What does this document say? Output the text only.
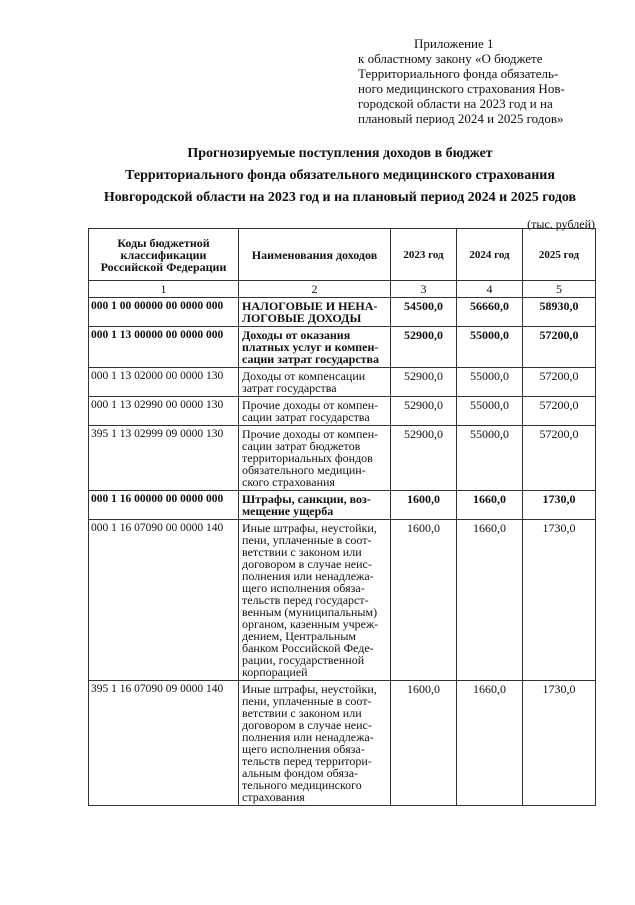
Приложение 1
к областному закону «О бюджете
Территориального фонда обязатель-
ного медицинского страхования Нов-
городской области на 2023 год и на
плановый период 2024 и 2025 годов»
Прогнозируемые поступления доходов в бюджет
Территориального фонда обязательного медицинского страхования
Новгородской области на 2023 год и на плановый период 2024 и 2025 годов
(тыс. рублей)
Коды бюджетной классификации Российской Федерации	Наименования доходов	2023 год	2024 год	2025 год
1	2	3	4	5
000 1 00 00000 00 0000 000	НАЛОГОВЫЕ И НЕНА-ЛОГОВЫЕ ДОХОДЫ	54500,0	56660,0	58930,0
000 1 13 00000 00 0000 000	Доходы от оказания платных услуг и компен-сации затрат государства	52900,0	55000,0	57200,0
000 1 13 02000 00 0000 130	Доходы от компенсации затрат государства	52900,0	55000,0	57200,0
000 1 13 02990 00 0000 130	Прочие доходы от компен-сации затрат государства	52900,0	55000,0	57200,0
395 1 13 02999 09 0000 130	Прочие доходы от компен-сации затрат бюджетов территориальных фондов обязательного медицин-ского страхования	52900,0	55000,0	57200,0
000 1 16 00000 00 0000 000	Штрафы, санкции, воз-мещение ущерба	1600,0	1660,0	1730,0
000 1 16 07090 00 0000 140	Иные штрафы, неустойки, пени, уплаченные в соот-ветствии с законом или договором в случае неис-полнения или ненадлежа-щего исполнения обяза-тельств перед государст-венным (муниципальным) органом, казенным учреж-дением, Центральным банком Российской Феде-рации, государственной корпорацией	1600,0	1660,0	1730,0
395 1 16 07090 09 0000 140	Иные штрафы, неустойки, пени, уплаченные в соот-ветствии с законом или договором в случае неис-полнения или ненадлежа-щего исполнения обяза-тельств перед территори-альным фондом обяза-тельного медицинского страхования	1600,0	1660,0	1730,0
